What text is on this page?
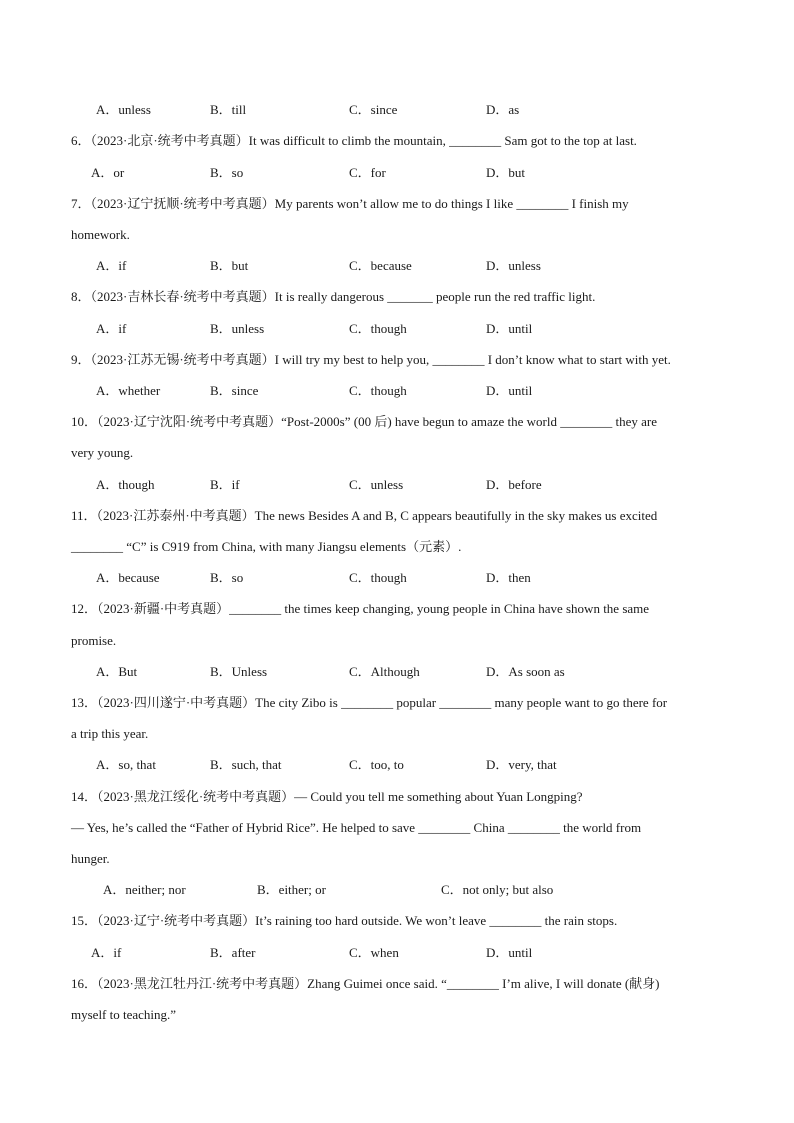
A．unless	B．till	C．since	D．as
6．（2023·北京·统考中考真题）It was difficult to climb the mountain, ________ Sam got to the top at last.
A．or	B．so	C．for	D．but
7．（2023·辽宁抚顺·统考中考真题）My parents won’t allow me to do things I like ________ I finish my
homework.
A．if	B．but	C．because	D．unless
8．（2023·吉林长春·统考中考真题）It is really dangerous _______ people run the red traffic light.
A．if	B．unless	C．though	D．until
9．（2023·江苏无锡·统考中考真题）I will try my best to help you, ________ I don’t know what to start with yet.
A．whether	B．since	C．though	D．until
10．（2023·辽宁沈阳·统考中考真题）“Post-2000s” (00 后) have begun to amaze the world ________ they are
very young.
A．though	B．if	C．unless	D．before
11．（2023·江苏泰州·中考真题）The news Besides A and B, C appears beautifully in the sky makes us excited
________ “C” is C919 from China, with many Jiangsu elements（元素）.
A．because	B．so	C．though	D．then
12．（2023·新疆·中考真题）________ the times keep changing, young people in China have shown the same
promise.
A．But	B．Unless	C．Although	D．As soon as
13．（2023·四川遂宁·中考真题）The city Zibo is ________ popular ________ many people want to go there for
a trip this year.
A．so, that	B．such, that	C．too, to	D．very, that
14．（2023·黑龙江绥化·统考中考真题）— Could you tell me something about Yuan Longping?
— Yes, he’s called the “Father of Hybrid Rice”. He helped to save ________ China ________ the world from
hunger.
A．neither; nor	B．either; or	C．not only; but also
15．（2023·辽宁·统考中考真题）It’s raining too hard outside. We won’t leave ________ the rain stops.
A．if	B．after	C．when	D．until
16．（2023·黑龙江牡丹江·统考中考真题）Zhang Guimei once said. “________ I’m alive, I will donate (献身)
myself to teaching.”
